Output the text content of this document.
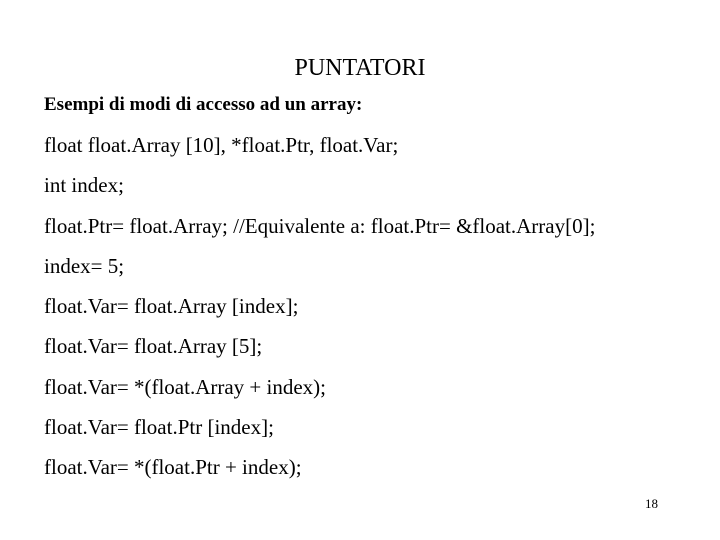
PUNTATORI
Esempi di modi di accesso ad un array:
float float.Array [10], *float.Ptr, float.Var;
int index;
float.Ptr= float.Array; //Equivalente a: float.Ptr= &float.Array[0];
index= 5;
float.Var= float.Array [index];
float.Var= float.Array [5];
float.Var= *(float.Array + index);
float.Var= float.Ptr [index];
float.Var= *(float.Ptr + index);
18
